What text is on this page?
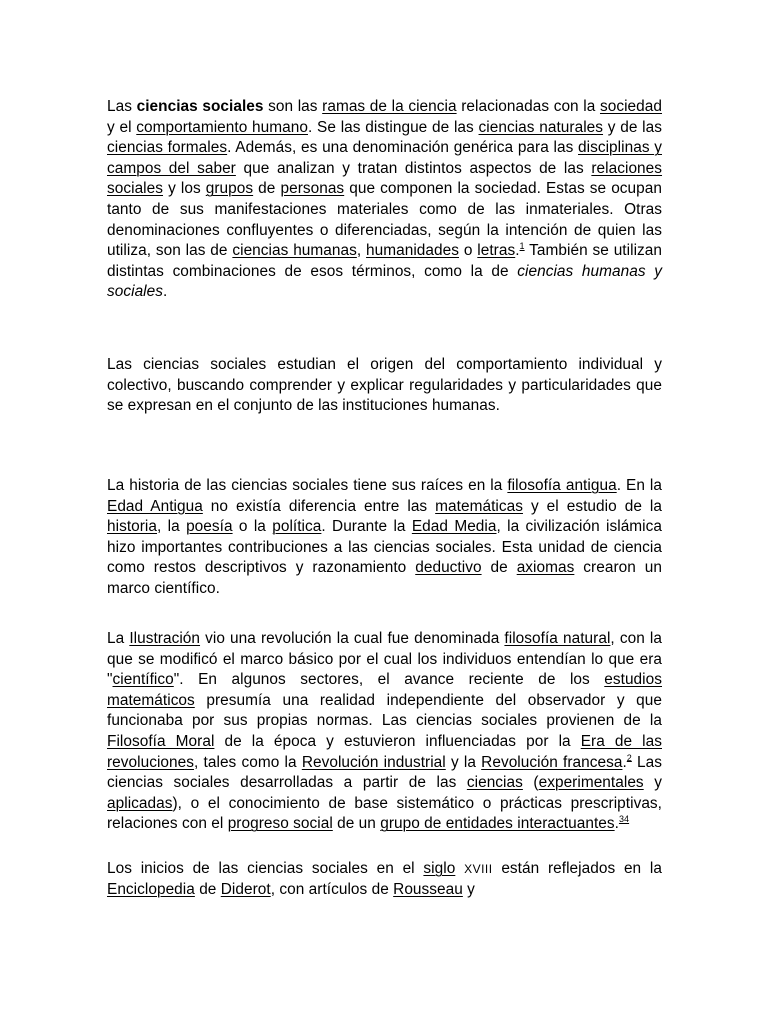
Las ciencias sociales son las ramas de la ciencia relacionadas con la sociedad y el comportamiento humano. Se las distingue de las ciencias naturales y de las ciencias formales. Además, es una denominación genérica para las disciplinas y campos del saber que analizan y tratan distintos aspectos de las relaciones sociales y los grupos de personas que componen la sociedad. Estas se ocupan tanto de sus manifestaciones materiales como de las inmateriales. Otras denominaciones confluyentes o diferenciadas, según la intención de quien las utiliza, son las de ciencias humanas, humanidades o letras.$^1$ También se utilizan distintas combinaciones de esos términos, como la de ciencias humanas y sociales.

Las ciencias sociales estudian el origen del comportamiento individual y colectivo, buscando comprender y explicar regularidades y particularidades que se expresan en el conjunto de las instituciones humanas.

La historia de las ciencias sociales tiene sus raíces en la filosofía antigua. En la Edad Antigua no existía diferencia entre las matemáticas y el estudio de la historia, la poesía o la política. Durante la Edad Media, la civilización islámica hizo importantes contribuciones a las ciencias sociales. Esta unidad de ciencia como restos descriptivos y razonamiento deductivo de axiomas crearon un marco científico.

La Ilustración vio una revolución la cual fue denominada filosofía natural, con la que se modificó el marco básico por el cual los individuos entendían lo que era "científico". En algunos sectores, el avance reciente de los estudios matemáticos presumía una realidad independiente del observador y que funcionaba por sus propias normas. Las ciencias sociales provienen de la Filosofía Moral de la época y estuvieron influenciadas por la Era de las revoluciones, tales como la Revolución industrial y la Revolución francesa.$^2$ Las ciencias sociales desarrolladas a partir de las ciencias (experimentales y aplicadas), o el conocimiento de base sistemático o prácticas prescriptivas, relaciones con el progreso social de un grupo de entidades interactuantes.$^{34}$

Los inicios de las ciencias sociales en el siglo XVIII están reflejados en la Enciclopedia de Diderot, con artículos de Rousseau y
